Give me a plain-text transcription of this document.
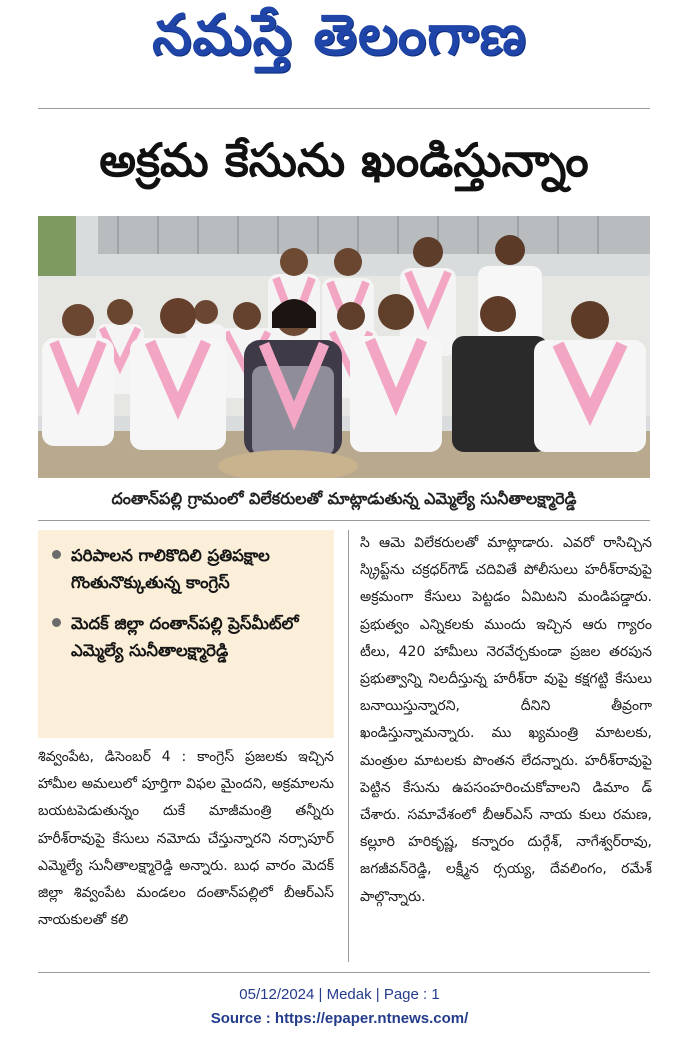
నమస్తే తెలంగాణ
అక్రమ కేసును ఖండిస్తున్నాం
దంతాన్‌పల్లి గ్రామంలో విలేకరులతో మాట్లాడుతున్న ఎమ్మెల్యే సునీతాలక్ష్మారెడ్డి
పరిపాలన గాలికొదిలి ప్రతిపక్షాల గొంతునొక్కుతున్న కాంగ్రెస్
మెదక్ జిల్లా దంతాన్‌పల్లి ప్రెస్‌మీట్‌లో ఎమ్మెల్యే సునీతాలక్ష్మారెడ్డి
శివ్వంపేట, డిసెంబర్ 4 : కాంగ్రెస్ ప్రజలకు ఇచ్చిన హామీల అమలులో పూర్తిగా విఫల మైందని, అక్రమాలను బయటపెడుతున్నం దుకే మాజీమంత్రి తన్నీరు హరీశ్‌రావుపై కేసులు నమోదు చేస్తున్నారని నర్సాపూర్ ఎమ్మెల్యే సునీతాలక్ష్మారెడ్డి అన్నారు. బుధ వారం మెదక్ జిల్లా శివ్వంపేట మండలం దంతాన్‌పల్లిలో బీఆర్‌ఎస్ నాయకులతో కలి
సి ఆమె విలేకరులతో మాట్లాడారు. ఎవరో రాసిచ్చిన స్క్రిప్ట్‌ను చక్రధర్‌గౌడ్ చదివితే పోలీసులు హరీశ్‌రావుపై అక్రమంగా కేసులు పెట్టడం ఏమిటని మండిపడ్డారు. ప్రభుత్వం ఎన్నికలకు ముందు ఇచ్చిన ఆరు గ్యారం టీలు, 420 హామీలు నెరవేర్చకుండా ప్రజల తరపున ప్రభుత్వాన్ని నిలదీస్తున్న హరీశ్‌రా వుపై కక్షగట్టి కేసులు బనాయిస్తున్నారని, దీనిని తీవ్రంగా ఖండిస్తున్నామన్నారు. ము ఖ్యమంత్రి మాటలకు, మంత్రుల మాటలకు పొంతన లేదన్నారు. హరీశ్‌రావుపై పెట్టిన కేసును ఉపసంహరించుకోవాలని డిమాం డ్ చేశారు. సమావేశంలో బీఆర్‌ఎస్ నాయ కులు రమణ, కల్లూరి హరికృష్ణ, కన్నారం దుర్గేశ్, నాగేశ్వర్‌రావు, జగజీవన్‌రెడ్డి, లక్ష్మీన ర్సయ్య, దేవలింగం, రమేశ్ పాల్గొన్నారు.
05/12/2024 | Medak | Page : 1
Source : https://epaper.ntnews.com/
